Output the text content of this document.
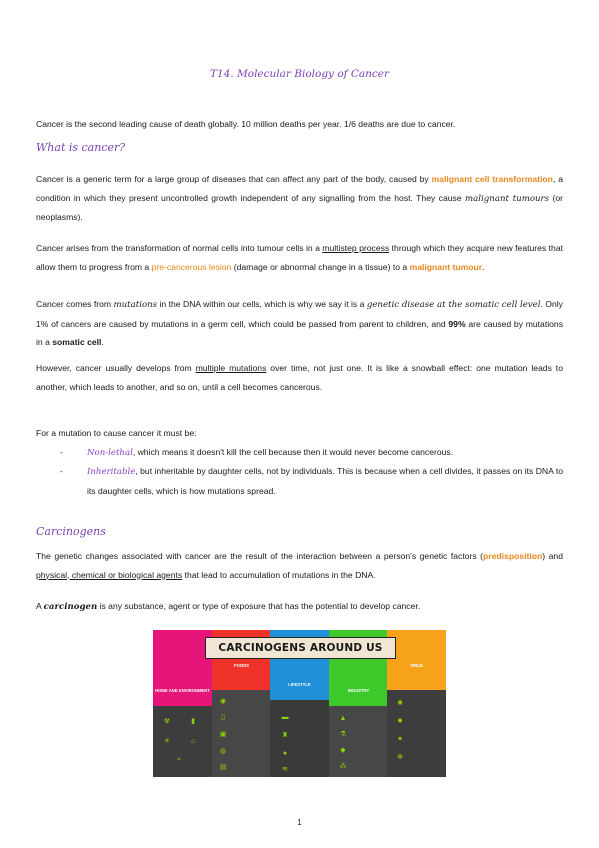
T14. Molecular Biology of Cancer

Cancer is the second leading cause of death globally. 10 million deaths per year. 1/6 deaths are due to cancer.

What is cancer?

Cancer is a generic term for a large group of diseases that can affect any part of the body, caused by malignant cell transformation, a condition in which they present uncontrolled growth independent of any signalling from the host. They cause malignant tumours (or neoplasms).

Cancer arises from the transformation of normal cells into tumour cells in a multistep process through which they acquire new features that allow them to progress from a pre-cancerous lesion (damage or abnormal change in a tissue) to a malignant tumour.

Cancer comes from mutations in the DNA within our cells, which is why we say it is a genetic disease at the somatic cell level. Only 1% of cancers are caused by mutations in a germ cell, which could be passed from parent to children, and 99% are caused by mutations in a somatic cell.

However, cancer usually develops from multiple mutations over time, not just one. It is like a snowball effect: one mutation leads to another, which leads to another, and so on, until a cell becomes cancerous.

For a mutation to cause cancer it must be:

-	Non-lethal, which means it doesn't kill the cell because then it would never become cancerous.
-	Inheritable, but inheritable by daughter cells, not by individuals. This is because when a cell divides, it passes on its DNA to its daughter cells, which is how mutations spread.

Carcinogens

The genetic changes associated with cancer are the result of the interaction between a person's genetic factors (predisposition) and physical, chemical or biological agents that lead to accumulation of mutations in the DNA.

A carcinogen is any substance, agent or type of exposure that has the potential to develop cancer.

HOME AND ENVIRONMENT
FOODS
LIFESTYLE
INDUSTRY
VIRUS
☢	▮
☀	⌂
≈
◉
▯
▣
◍
▤
▬
♜
●
≋
▲
⚗
◆
⁂
✺
✹
✷
✻
CARCINOGENS AROUND US
1
